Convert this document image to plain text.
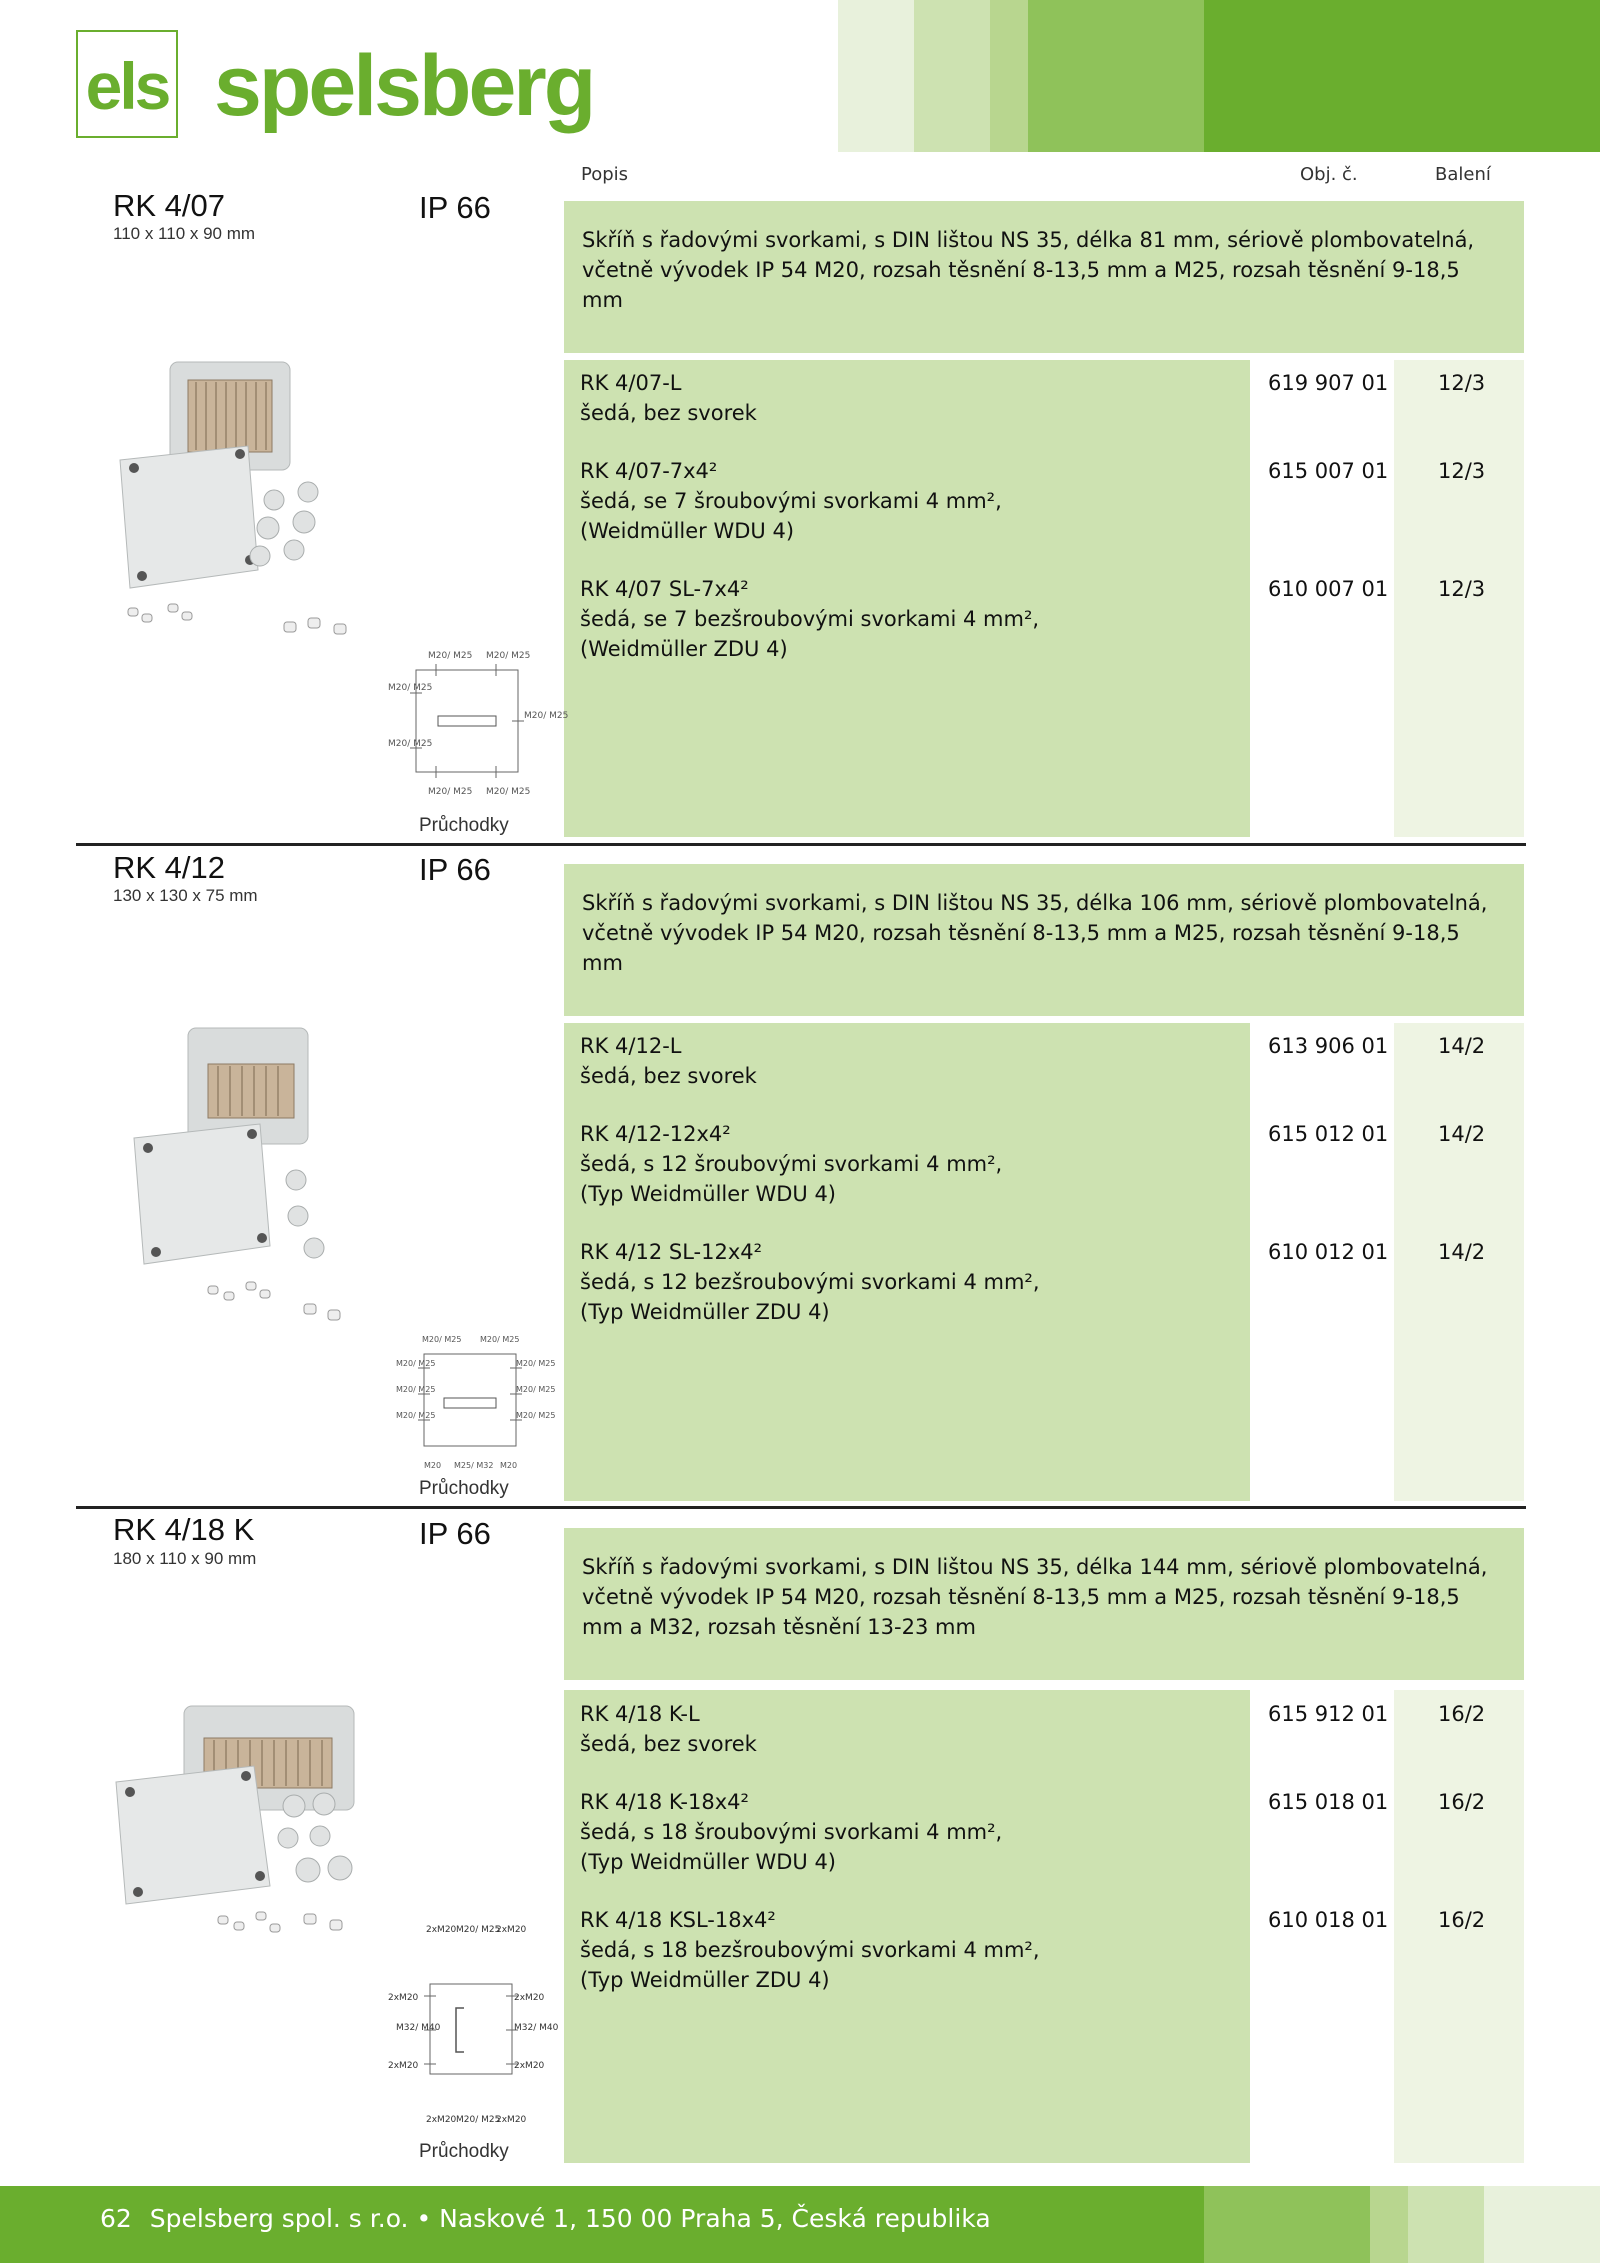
els spelsberg
Popis	Obj. č.	Balení
RK 4/07
110 x 110 x 90 mm
IP 66
Skříň s řadovými svorkami, s DIN lištou NS 35, délka 81 mm, sériově plombovatelná, včetně vývodek IP 54 M20, rozsah těsnění 8-13,5 mm a M25, rozsah těsnění 9-18,5 mm
RK 4/07-L
šedá, bez svorek
619 907 01 12/3
RK 4/07-7x4²
šedá, se 7 šroubovými svorkami 4 mm²,
(Weidmüller WDU 4)
615 007 01 12/3
RK 4/07 SL-7x4²
šedá, se 7 bezšroubovými svorkami 4 mm²,
(Weidmüller ZDU 4)
610 007 01 12/3
M20/ M25
M20/ M25
M20/ M25
M20/ M25 M20/ M25
M20/ M25 M20/ M25
Průchodky
RK 4/12
130 x 130 x 75 mm
IP 66
Skříň s řadovými svorkami, s DIN lištou NS 35, délka 106 mm, sériově plombovatelná, včetně vývodek IP 54 M20, rozsah těsnění 8-13,5 mm a M25, rozsah těsnění 9-18,5 mm
RK 4/12-L
šedá, bez svorek
613 906 01 14/2
RK 4/12-12x4²
šedá, s 12 šroubovými svorkami 4 mm²,
(Typ Weidmüller WDU 4)
615 012 01 14/2
RK 4/12 SL-12x4²
šedá, s 12 bezšroubovými svorkami 4 mm²,
(Typ Weidmüller ZDU 4)
610 012 01 14/2
M20/ M25
M20/ M25
M20/ M25
M20/ M25
M20/ M25
M20/ M25
M20/ M25 M20/ M25
M20 M25/ M32 M20
Průchodky
RK 4/18 K
180 x 110 x 90 mm
IP 66
Skříň s řadovými svorkami, s DIN lištou NS 35, délka 144 mm, sériově plombovatelná, včetně vývodek IP 54 M20, rozsah těsnění 8-13,5 mm a M25, rozsah těsnění 9-18,5 mm a M32, rozsah těsnění 13-23 mm
RK 4/18 K-L
šedá, bez svorek
615 912 01 16/2
RK 4/18 K-18x4²
šedá, s 18 šroubovými svorkami 4 mm²,
(Typ Weidmüller WDU 4)
615 018 01 16/2
RK 4/18 KSL-18x4²
šedá, s 18 bezšroubovými svorkami 4 mm²,
(Typ Weidmüller ZDU 4)
610 018 01 16/2
2xM20	2xM20
M32/ M40	M32/ M40
2xM20	2xM20
2xM20 M20/ M25
2xM20
2xM20 M20/ M25
2xM20
Průchodky
62 Spelsberg spol. s r.o. • Naskové 1, 150 00 Praha 5, Česká republika
